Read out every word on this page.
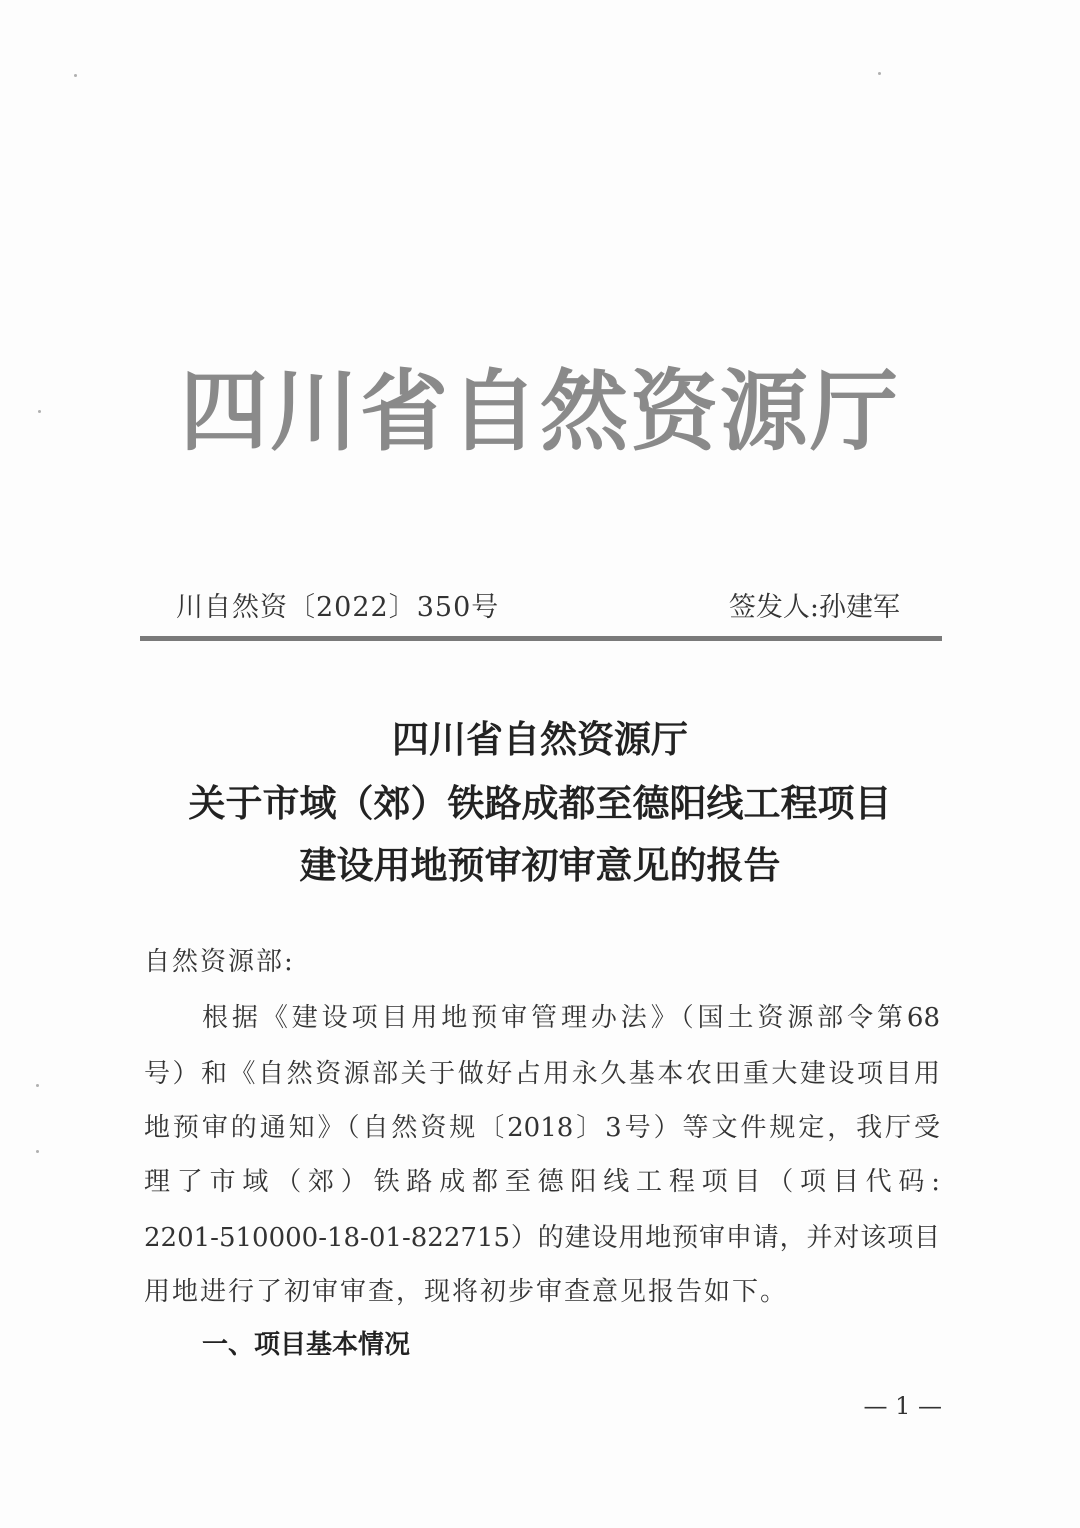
四川省自然资源厅
川自然资〔2022〕350号	签发人:孙建军
四川省自然资源厅
关于市域（郊）铁路成都至德阳线工程项目
建设用地预审初审意见的报告
自然资源部:
根据《建设项目用地预审管理办法》（国土资源部令第68
号）和《自然资源部关于做好占用永久基本农田重大建设项目用
地预审的通知》（自然资规〔2018〕3号）等文件规定，我厅受
理了市域（郊）铁路成都至德阳线工程项目（项目代码:
2201-510000-18-01-822715）的建设用地预审申请，并对该项目
用地进行了初审审查，现将初步审查意见报告如下。
一、项目基本情况
— 1 —
